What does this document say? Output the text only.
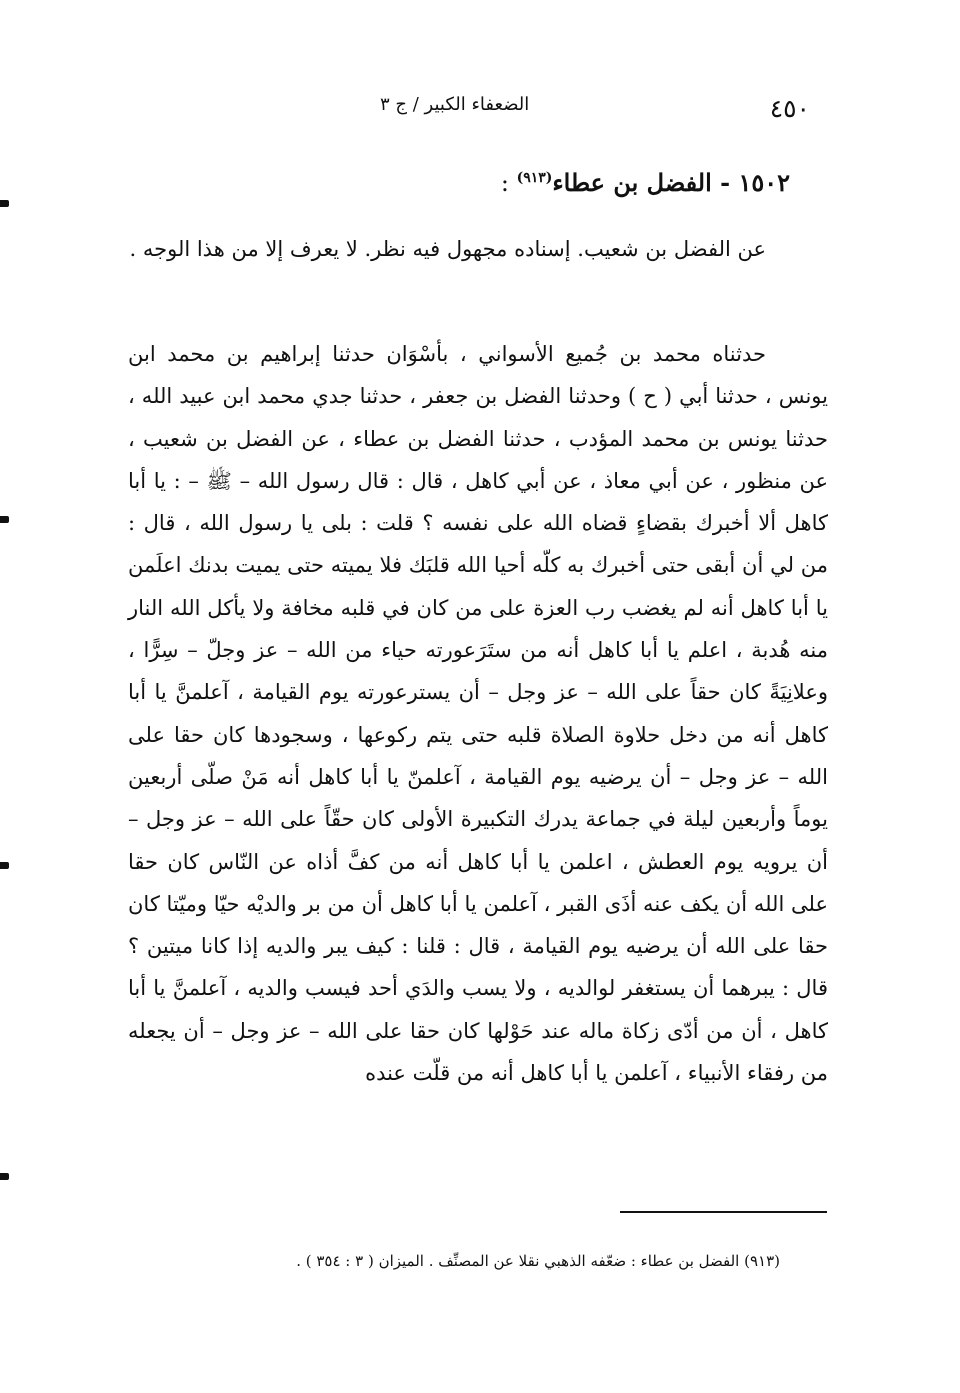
٤٥٠
الضعفاء الكبير / ج ٣
١٥٠٢ - الفضل بن عطاء$^{(٩١٣)}$ :

عن الفضل بن شعيب. إسناده مجهول فيه نظر. لا يعرف إلا من هذا الوجه .

حدثناه محمد بن جُميع الأسواني ، بأسْوَان حدثنا إبراهيم بن محمد ابن يونس ، حدثنا أبي ( ح ) وحدثنا الفضل بن جعفر ، حدثنا جدي محمد ابن عبيد الله ، حدثنا يونس بن محمد المؤدب ، حدثنا الفضل بن عطاء ، عن الفضل بن شعيب ، عن منظور ، عن أبي معاذ ، عن أبي كاهل ، قال : قال رسول الله – ﷺ – : يا أبا كاهل ألا أخبرك بقضاءٍ قضاه الله على نفسه ؟ قلت : بلى يا رسول الله ، قال : من لي أن أبقى حتى أخبرك به كلّه أحيا الله قلبَك فلا يميته حتى يميت بدنك اعلَمن يا أبا كاهل أنه لم يغضب رب العزة على من كان في قلبه مخافة ولا يأكل الله النار منه هُدبة ، اعلم يا أبا كاهل أنه من ستَرَعورته حياء من الله – عز وجلّ – سِرًّا ، وعلانِيَةً كان حقاً على الله – عز وجل – أن يسترعورته يوم القيامة ، آعلمنَّ يا أبا كاهل أنه من دخل حلاوة الصلاة قلبه حتى يتم ركوعها ، وسجودها كان حقا على الله – عز وجل – أن يرضيه يوم القيامة ، آعلمنّ يا أبا كاهل أنه مَنْ صلّى أربعين يوماً وأربعين ليلة في جماعة يدرك التكبيرة الأولى كان حقّاً على الله – عز وجل – أن يرويه يوم العطش ، اعلمن يا أبا كاهل أنه من كفَّ أذاه عن النّاس كان حقا على الله أن يكف عنه أذَى القبر ، آعلمن يا أبا كاهل أن من بر والديْه حيّا وميّتا كان حقا على الله أن يرضيه يوم القيامة ، قال : قلنا : كيف يبر والديه إذا كانا ميتين ؟ قال : يبرهما أن يستغفر لوالديه ، ولا يسب والدَي أحد فيسب والديه ، آعلمنَّ يا أبا كاهل ، أن من أدّى زكاة ماله عند حَوْلها كان حقا على الله – عز وجل – أن يجعله من رفقاء الأنبياء ، آعلمن يا أبا كاهل أنه من قلّت عنده

(٩١٣) الفضل بن عطاء : ضعّفه الذهبي نقلا عن المصنِّف . الميزان ( ٣ : ٣٥٤ ) .
